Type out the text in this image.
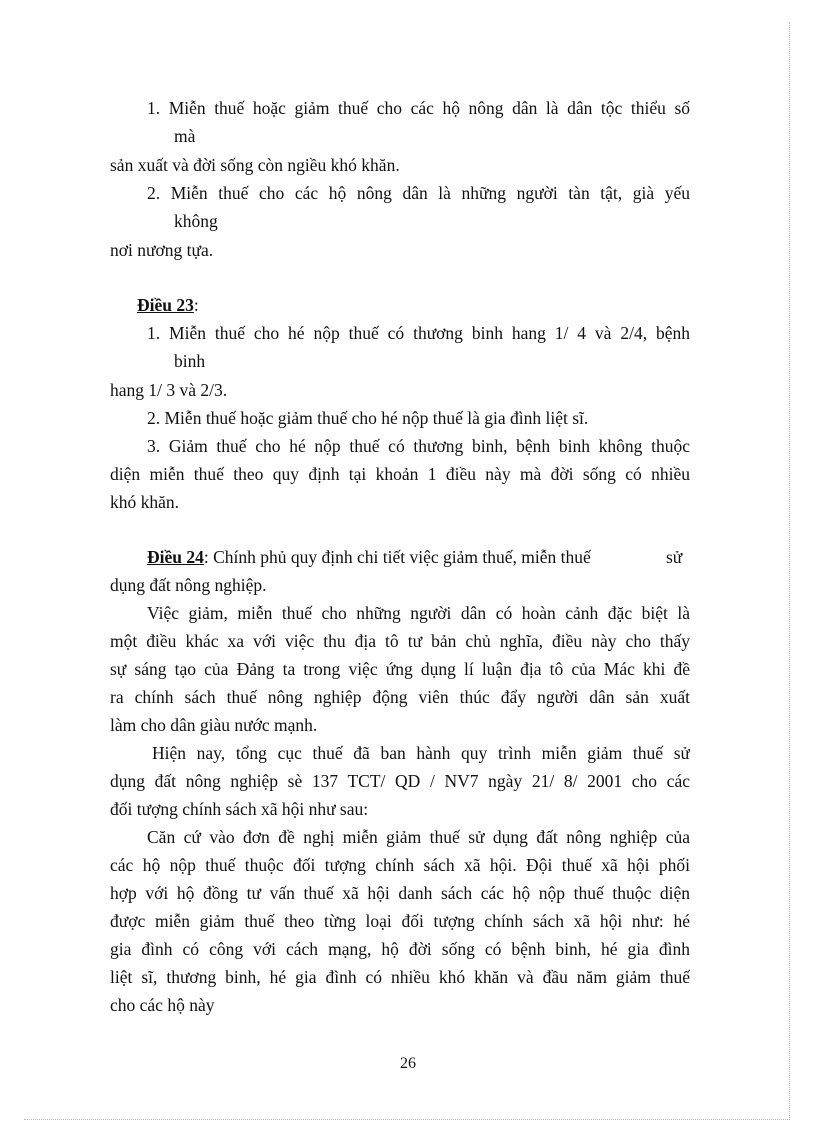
1. Miễn thuế hoặc giảm thuế cho các hộ nông dân là dân tộc thiểu số
mà
sản xuất và đời sống còn ngiều khó khăn.
2. Miễn thuế cho các hộ nông dân là những người tàn tật, già yếu
không
nơi nương tựa.
Điều 23:
1. Miễn thuế cho hé nộp thuế có thương binh hang 1/ 4 và 2/4, bệnh
binh
hang 1/ 3 và 2/3.
2. Miễn thuế hoặc giảm thuế cho hé nộp thuế là gia đình liệt sĩ.
3. Giảm thuế cho hé nộp thuế có thương binh, bệnh binh không thuộc
diện miễn thuế theo quy định tại khoản 1 điều này mà đời sống có nhiều
khó khăn.
Điều 24: Chính phủ quy định chi tiết việc giảm thuế, miễn thuế	sử
dụng đất nông nghiệp.
Việc giảm, miễn thuế cho những người dân có hoàn cảnh đặc biệt là
một điều khác xa với việc thu địa tô tư bản chủ nghĩa, điều này cho thấy
sự sáng tạo của Đảng ta trong việc ứng dụng lí luận địa tô của Mác khi đề
ra chính sách thuế nông nghiệp động viên thúc đẩy người dân sản xuất
làm cho dân giàu nước mạnh.
Hiện nay, tổng cục thuế đã ban hành quy trình miễn giảm thuế sử
dụng đất nông nghiệp sè 137 TCT/ QD / NV7 ngày 21/ 8/ 2001 cho các
đối tượng chính sách xã hội như sau:
Căn cứ vào đơn đề nghị miễn giảm thuế sử dụng đất nông nghiệp của
các hộ nộp thuế thuộc đối tượng chính sách xã hội. Đội thuế xã hội phối
hợp với hộ đồng tư vấn thuế xã hội danh sách các hộ nộp thuế thuộc diện
được miễn giảm thuế theo từng loại đối tượng chính sách xã hội như: hé
gia đình có công với cách mạng, hộ đời sống có bệnh binh, hé gia đình
liệt sĩ, thương binh, hé gia đình có nhiều khó khăn và đầu năm giảm thuế
cho các hộ này
26
